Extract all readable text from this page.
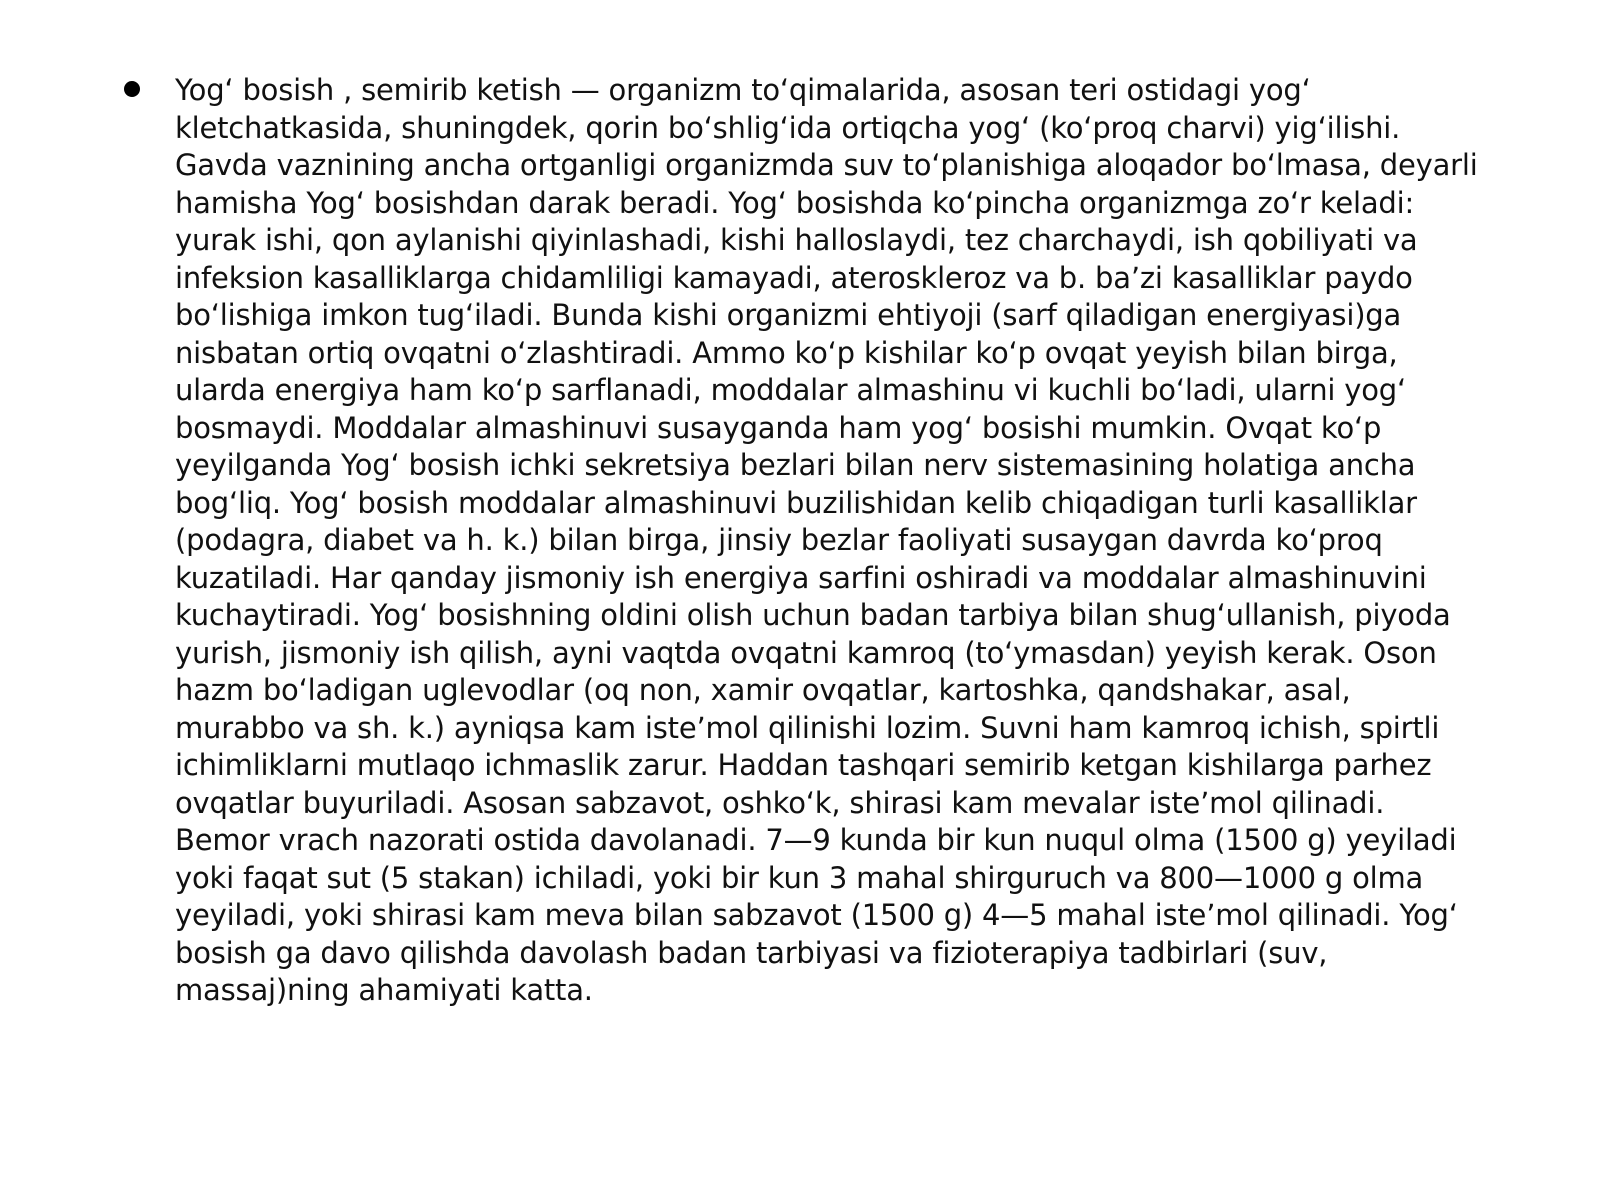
Yog‘ bosish , semirib ketish — organizm to‘qimalarida, asosan teri ostidagi yog‘ kletchatkasida, shuningdek, qorin bo‘shlig‘ida ortiqcha yog‘ (ko‘proq charvi) yig‘ilishi. Gavda vaznining ancha ortganligi organizmda suv to‘planishiga aloqador bo‘lmasa, deyarli hamisha Yog‘ bosishdan darak beradi. Yog‘ bosishda ko‘pincha organizmga zo‘r keladi: yurak ishi, qon aylanishi qiyinlashadi, kishi halloslaydi, tez charchaydi, ish qobiliyati va infeksion kasalliklarga chidamliligi kamayadi, ateroskleroz va b. ba’zi kasalliklar paydo bo‘lishiga imkon tug‘iladi. Bunda kishi organizmi ehtiyoji (sarf qiladigan energiyasi)ga nisbatan ortiq ovqatni o‘zlashtiradi. Ammo ko‘p kishilar ko‘p ovqat yeyish bilan birga, ularda energiya ham ko‘p sarflanadi, moddalar almashinu vi kuchli bo‘ladi, ularni yog‘ bosmaydi. Moddalar almashinuvi susayganda ham yog‘ bosishi mumkin. Ovqat ko‘p yeyilganda Yog‘ bosish ichki sekretsiya bezlari bilan nerv sistemasining holatiga ancha bog‘liq. Yog‘ bosish moddalar almashinuvi buzilishidan kelib chiqadigan turli kasalliklar (podagra, diabet va h. k.) bilan birga, jinsiy bezlar faoliyati susaygan davrda ko‘proq kuzatiladi. Har qanday jismoniy ish energiya sarfini oshiradi va moddalar almashinuvini kuchaytiradi. Yog‘ bosishning oldini olish uchun badan tarbiya bilan shug‘ullanish, piyoda yurish, jismoniy ish qilish, ayni vaqtda ovqatni kamroq (to‘ymasdan) yeyish kerak. Oson hazm bo‘ladigan uglevodlar (oq non, xamir ovqatlar, kartoshka, qandshakar, asal, murabbo va sh. k.) ayniqsa kam iste’mol qilinishi lozim. Suvni ham kamroq ichish, spirtli ichimliklarni mutlaqo ichmaslik zarur. Haddan tashqari semirib ketgan kishilarga parhez ovqatlar buyuriladi. Asosan sabzavot, oshko‘k, shirasi kam mevalar iste’mol qilinadi. Bemor vrach nazorati ostida davolanadi. 7—9 kunda bir kun nuqul olma (1500 g) yeyiladi yoki faqat sut (5 stakan) ichiladi, yoki bir kun 3 mahal shirguruch va 800—1000 g olma yeyiladi, yoki shirasi kam meva bilan sabzavot (1500 g) 4—5 mahal iste’mol qilinadi. Yog‘ bosish ga davo qilishda davolash badan tarbiyasi va fizioterapiya tadbirlari (suv, massaj)ning ahamiyati katta.
